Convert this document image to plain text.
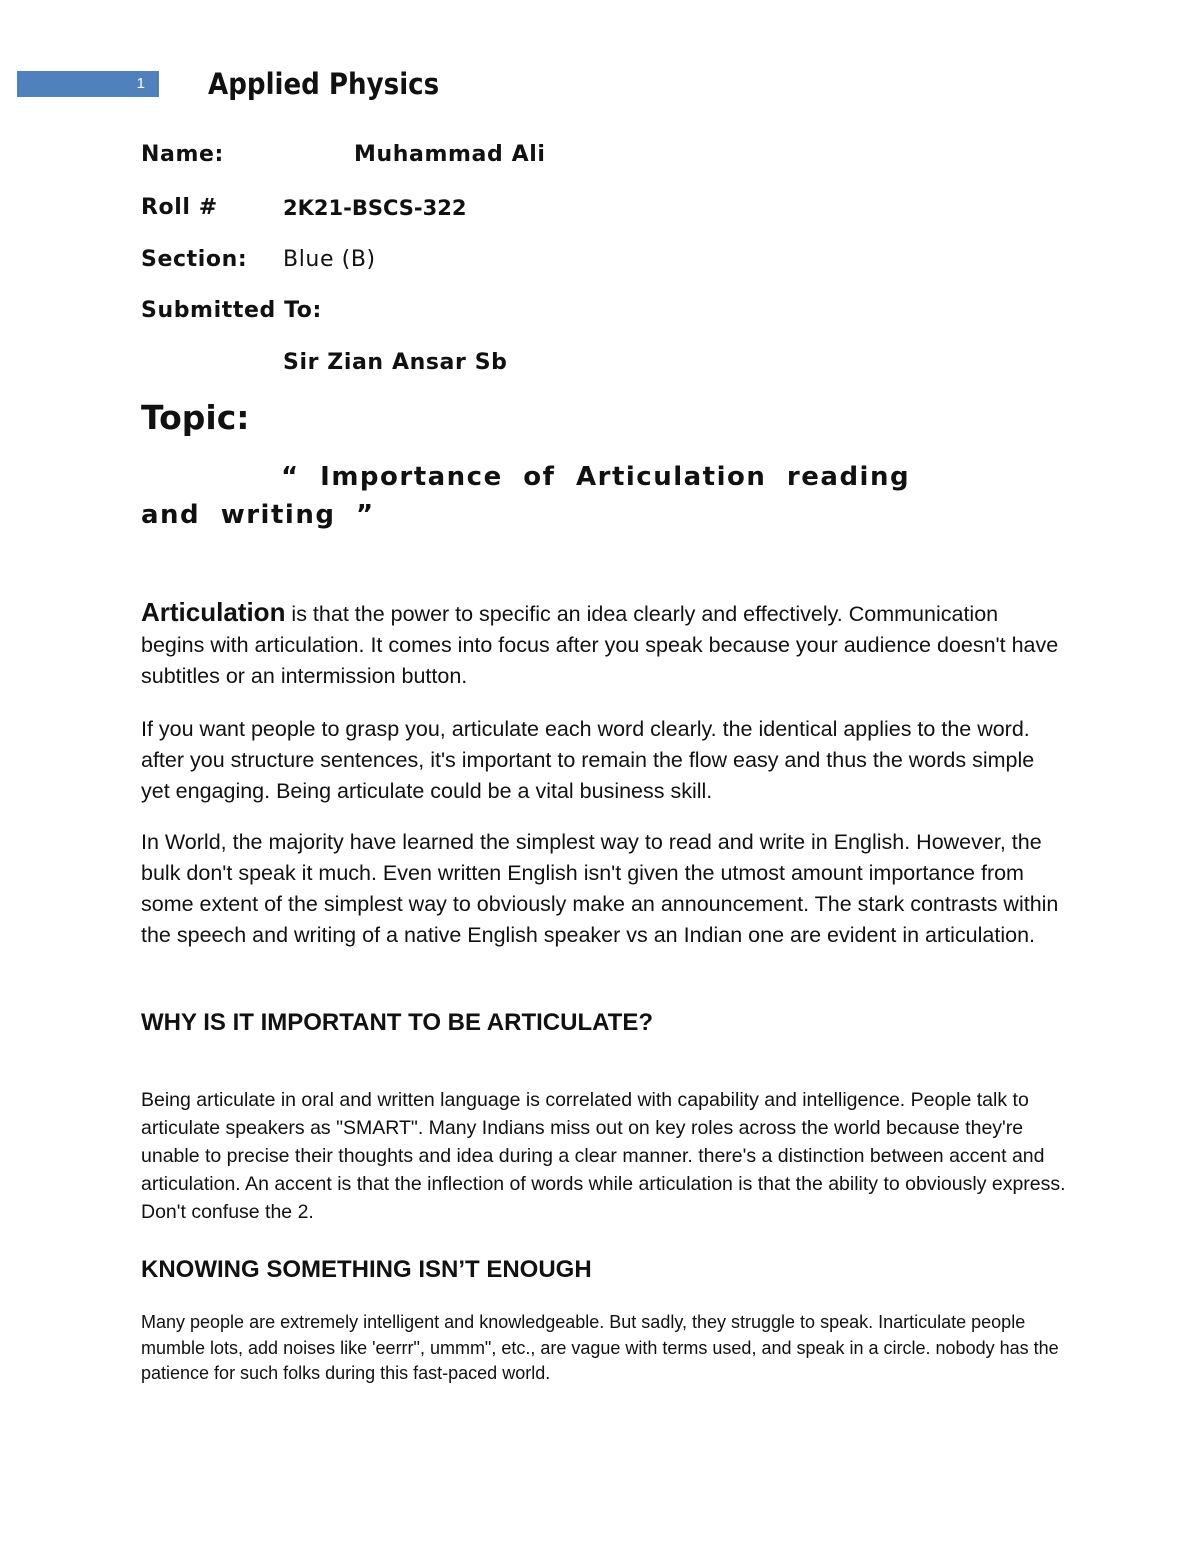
1	Applied Physics
Name:	Muhammad Ali
Roll #	2K21-BSCS-322
Section: Blue (B)
Submitted To:
Sir Zian Ansar Sb
Topic:

“ Importance of Articulation reading and writing ”

Articulation is that the power to specific an idea clearly and effectively. Communication begins with articulation. It comes into focus after you speak because your audience doesn't have subtitles or an intermission button.

If you want people to grasp you, articulate each word clearly. the identical applies to the word. after you structure sentences, it's important to remain the flow easy and thus the words simple yet engaging. Being articulate could be a vital business skill.

In World, the majority have learned the simplest way to read and write in English. However, the bulk don't speak it much. Even written English isn't given the utmost amount importance from some extent of the simplest way to obviously make an announcement. The stark contrasts within the speech and writing of a native English speaker vs an Indian one are evident in articulation.

WHY IS IT IMPORTANT TO BE ARTICULATE?

Being articulate in oral and written language is correlated with capability and intelligence. People talk to articulate speakers as "SMART". Many Indians miss out on key roles across the world because they're unable to precise their thoughts and idea during a clear manner. there's a distinction between accent and articulation. An accent is that the inflection of words while articulation is that the ability to obviously express. Don't confuse the 2.

KNOWING SOMETHING ISN’T ENOUGH

Many people are extremely intelligent and knowledgeable. But sadly, they struggle to speak. Inarticulate people mumble lots, add noises like 'eerrr", ummm", etc., are vague with terms used, and speak in a circle. nobody has the patience for such folks during this fast-paced world.
